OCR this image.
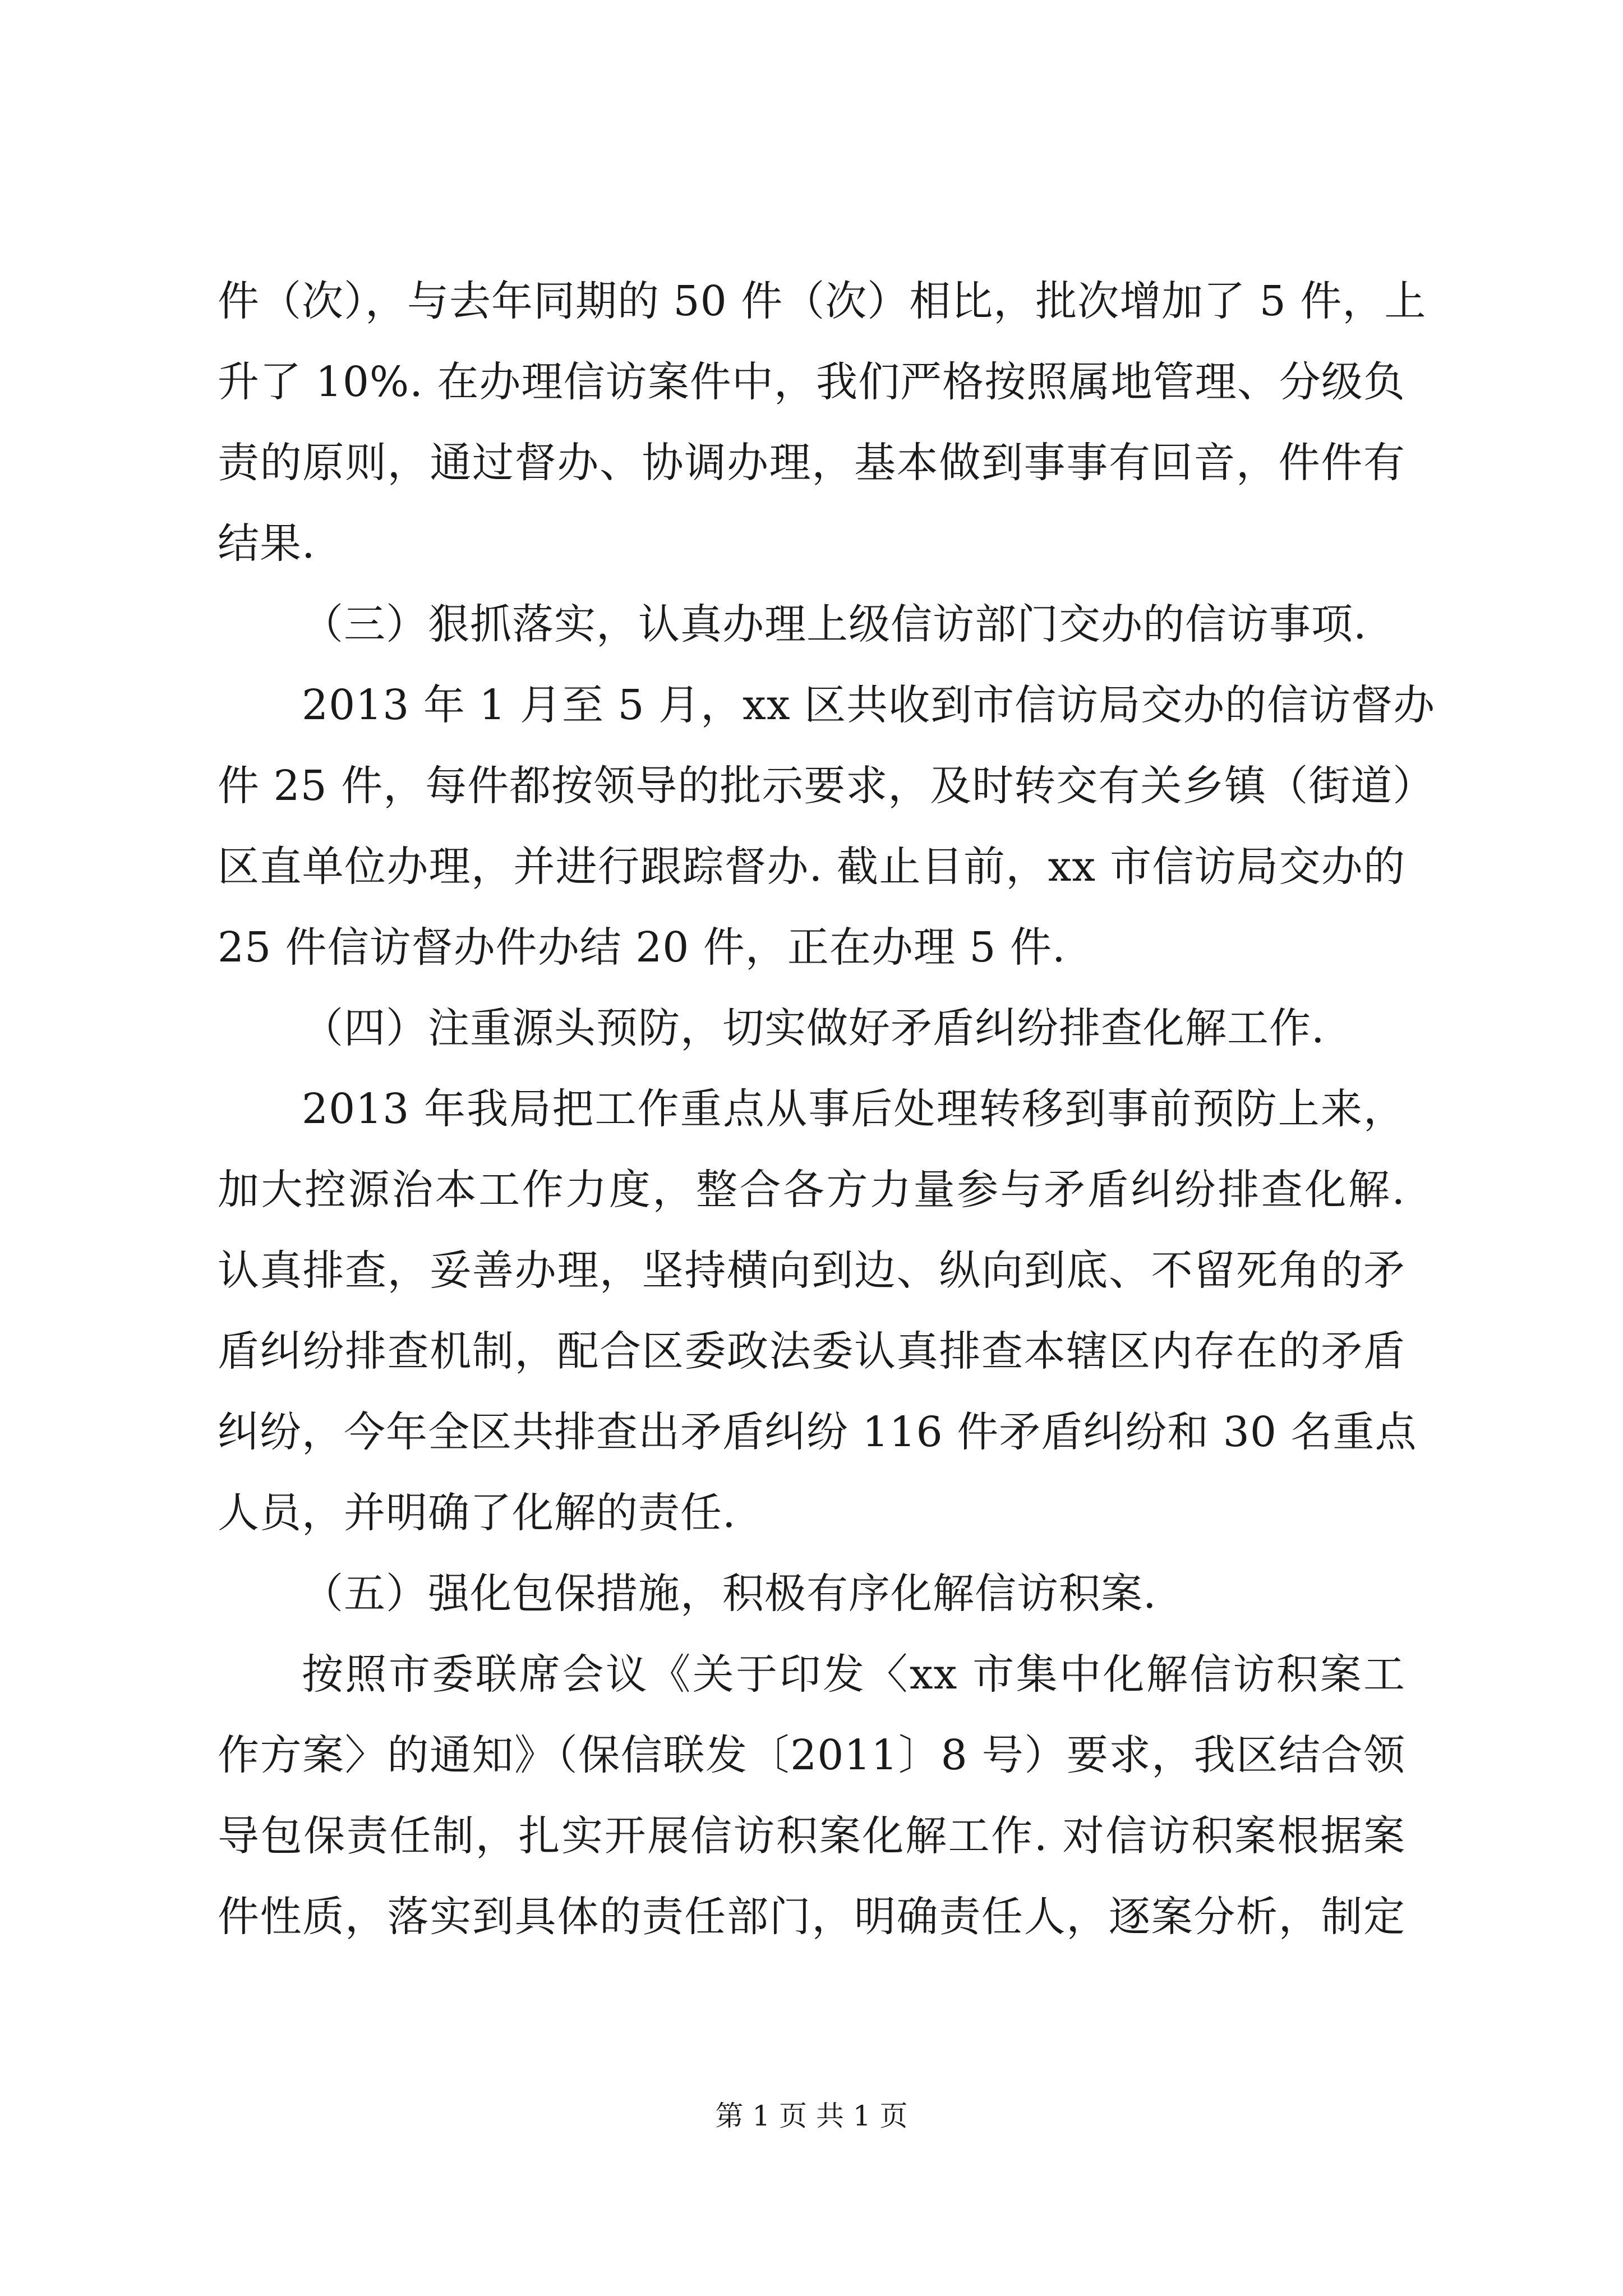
件（次），与去年同期的 50 件（次）相比，批次增加了 5 件，上
升了 10%. 在办理信访案件中，我们严格按照属地管理、分级负
责的原则，通过督办、协调办理，基本做到事事有回音，件件有
结果.
（三）狠抓落实，认真办理上级信访部门交办的信访事项.
2013 年 1 月至 5 月，xx 区共收到市信访局交办的信访督办
件 25 件，每件都按领导的批示要求，及时转交有关乡镇（街道）
区直单位办理，并进行跟踪督办. 截止目前，xx 市信访局交办的
25 件信访督办件办结 20 件，正在办理 5 件.
（四）注重源头预防，切实做好矛盾纠纷排查化解工作.
2013 年我局把工作重点从事后处理转移到事前预防上来，
加大控源治本工作力度，整合各方力量参与矛盾纠纷排查化解.
认真排查，妥善办理，坚持横向到边、纵向到底、不留死角的矛
盾纠纷排查机制，配合区委政法委认真排查本辖区内存在的矛盾
纠纷，今年全区共排查出矛盾纠纷 116 件矛盾纠纷和 30 名重点
人员，并明确了化解的责任.
（五）强化包保措施，积极有序化解信访积案.
按照市委联席会议《关于印发〈xx 市集中化解信访积案工
作方案〉的通知》（保信联发〔2011〕8 号）要求，我区结合领
导包保责任制，扎实开展信访积案化解工作. 对信访积案根据案
件性质，落实到具体的责任部门，明确责任人，逐案分析，制定
第 1 页 共 1 页
